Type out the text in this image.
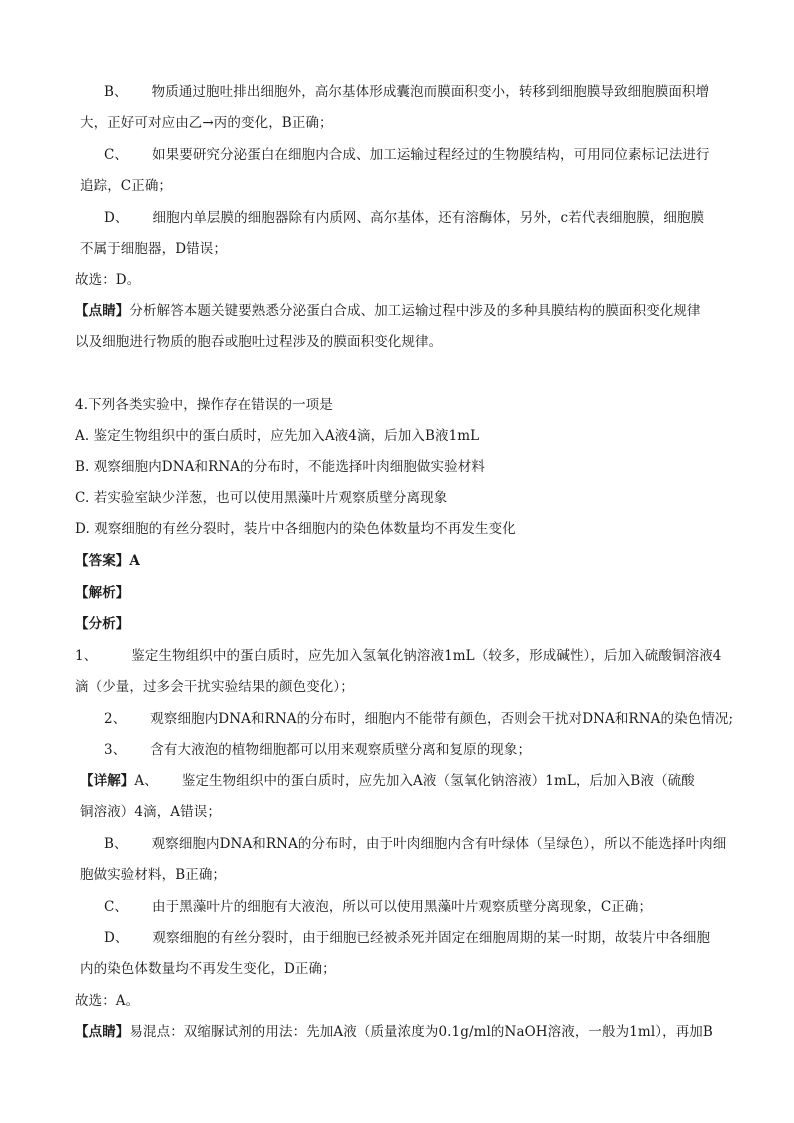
B、 物质通过胞吐排出细胞外，高尔基体形成囊泡而膜面积变小，转移到细胞膜导致细胞膜面积增
大，正好可对应由乙→丙的变化，B正确；
C、 如果要研究分泌蛋白在细胞内合成、加工运输过程经过的生物膜结构，可用同位素标记法进行
追踪，C正确；
D、 细胞内单层膜的细胞器除有内质网、高尔基体，还有溶酶体，另外，c若代表细胞膜，细胞膜
不属于细胞器，D错误；
故选：D。
【点睛】分析解答本题关键要熟悉分泌蛋白合成、加工运输过程中涉及的多种具膜结构的膜面积变化规律
以及细胞进行物质的胞吞或胞吐过程涉及的膜面积变化规律。
4.下列各类实验中，操作存在错误的一项是
A. 鉴定生物组织中的蛋白质时，应先加入A液4滴，后加入B液1mL
B. 观察细胞内DNA和RNA的分布时，不能选择叶肉细胞做实验材料
C. 若实验室缺少洋葱，也可以使用黑藻叶片观察质壁分离现象
D. 观察细胞的有丝分裂时，装片中各细胞内的染色体数量均不再发生变化
【答案】A
【解析】
【分析】
1、	鉴定生物组织中的蛋白质时，应先加入氢氧化钠溶液1mL（较多，形成碱性），后加入硫酸铜溶液4
滴（少量，过多会干扰实验结果的颜色变化）；
2、 观察细胞内DNA和RNA的分布时，细胞内不能带有颜色，否则会干扰对DNA和RNA的染色情况;
3、 含有大液泡的植物细胞都可以用来观察质壁分离和复原的现象；
【详解】A、 鉴定生物组织中的蛋白质时，应先加入A液（氢氧化钠溶液）1mL，后加入B液（硫酸
铜溶液）4滴，A错误；
B、 观察细胞内DNA和RNA的分布时，由于叶肉细胞内含有叶绿体（呈绿色），所以不能选择叶肉细
胞做实验材料，B正确；
C、 由于黑藻叶片的细胞有大液泡，所以可以使用黑藻叶片观察质壁分离现象，C正确；
D、 观察细胞的有丝分裂时，由于细胞已经被杀死并固定在细胞周期的某一时期，故装片中各细胞
内的染色体数量均不再发生变化，D正确；
故选：A。
【点睛】易混点：双缩脲试剂的用法：先加A液（质量浓度为0.1g/ml的NaOH溶液，一般为1ml），再加B
